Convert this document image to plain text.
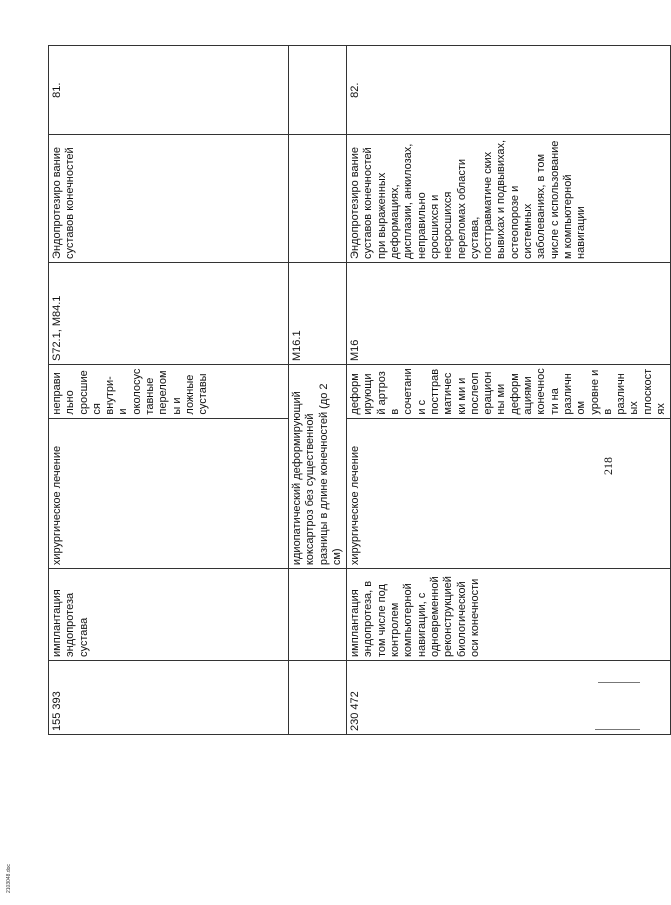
2103048.doc
218
155 393	имплантация эндопротеза сустава	хирургическое лечение	неправильно сросшиеся внутри- и околосуставные переломы и ложные суставы	S72.1, M84.1	Эндопротезиро вание суставов конечностей	81.
		идиопатический деформирующий коксартроз без существенной разницы в длине конечностей (до 2 см)		M16.1		
230 472	имплантация эндопротеза, в том числе под контролем компьютерной навигации, с одновременной реконструкцией биологической оси конечности	хирургическое лечение	деформирующий артроз в сочетании с посттравматически ми и послеоперационны ми деформациями конечности на различном уровне и в различных плоскостях	M16	Эндопротезиро вание суставов конечностей при выраженных деформациях, дисплазии, анкилозах, неправильно сросшихся и несросшихся переломах области сустава, посттравматиче ских вывихах и подвывихах, остеопорозе и системных заболеваниях, в том числе с использование м компьютерной навигации	82.
